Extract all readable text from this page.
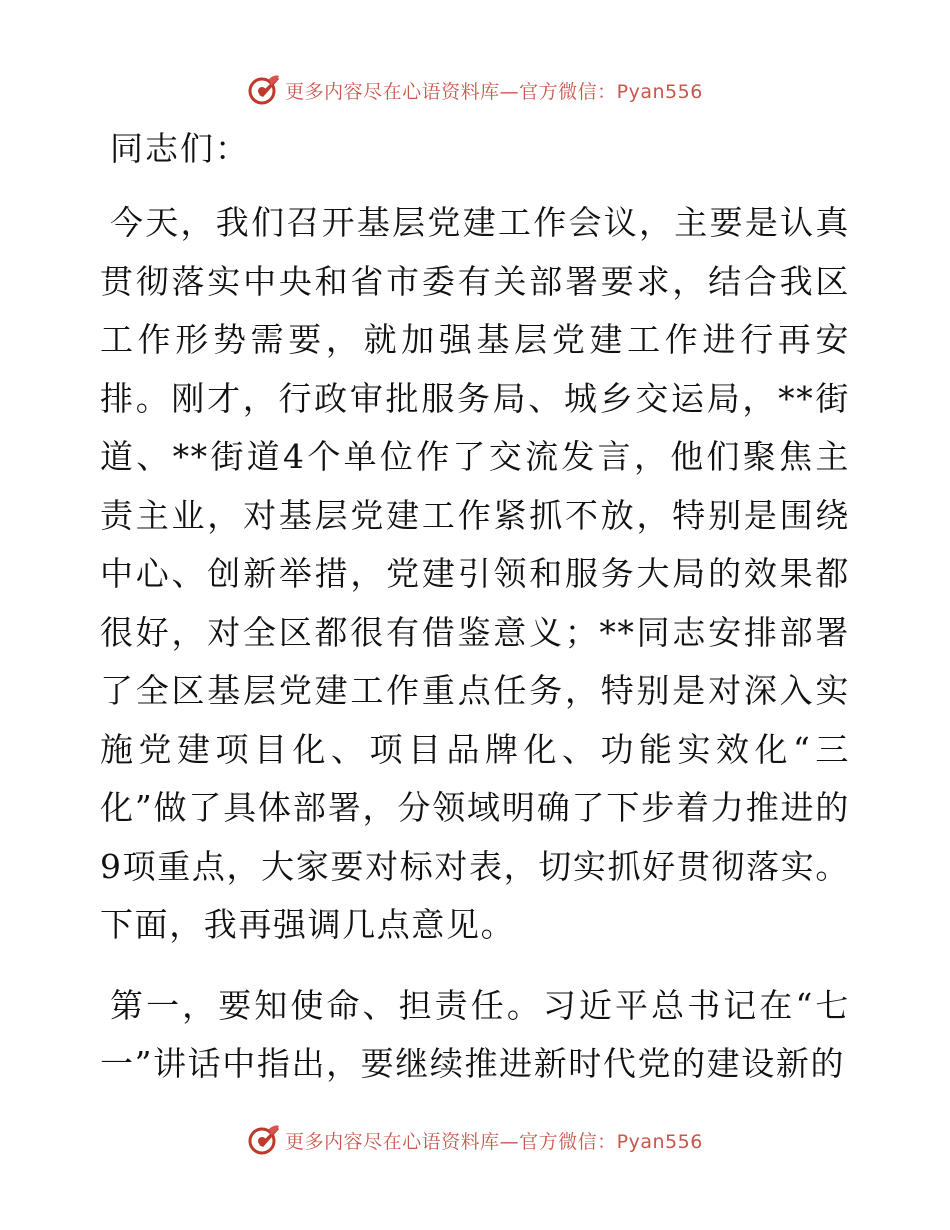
更多内容尽在心语资料库—官方微信：Pyan556

同志们：

今天，我们召开基层党建工作会议，主要是认真贯彻落实中央和省市委有关部署要求，结合我区工作形势需要，就加强基层党建工作进行再安排。刚才，行政审批服务局、城乡交运局，**街道、**街道4个单位作了交流发言，他们聚焦主责主业，对基层党建工作紧抓不放，特别是围绕中心、创新举措，党建引领和服务大局的效果都很好，对全区都很有借鉴意义；**同志安排部署了全区基层党建工作重点任务，特别是对深入实施党建项目化、项目品牌化、功能实效化“三化”做了具体部署，分领域明确了下步着力推进的9项重点，大家要对标对表，切实抓好贯彻落实。下面，我再强调几点意见。

第一，要知使命、担责任。习近平总书记在“七一”讲话中指出，要继续推进新时代党的建设新的

更多内容尽在心语资料库—官方微信：Pyan556
